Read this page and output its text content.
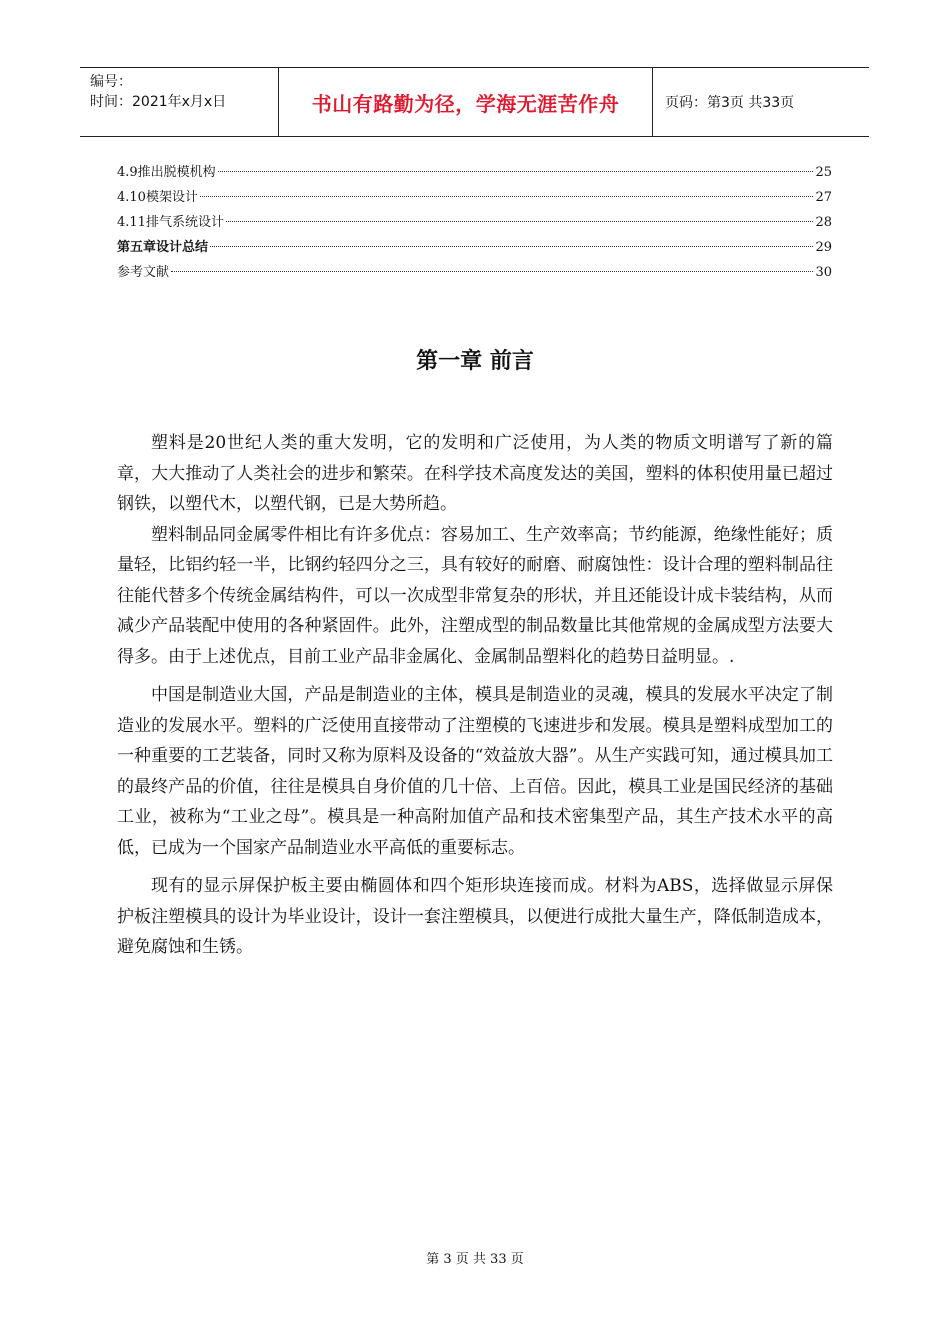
编号：
时间：2021年x月x日	书山有路勤为径，学海无涯苦作舟	页码：第3页 共33页
4.9推出脱模机构	25
4.10模架设计	27
4.11排气系统设计	28
第五章设计总结	29
参考文献	30
第一章 前言

塑料是20世纪人类的重大发明，它的发明和广泛使用，为人类的物质文明谱写了新的篇章，大大推动了人类社会的进步和繁荣。在科学技术高度发达的美国，塑料的体积使用量已超过钢铁，以塑代木，以塑代钢，已是大势所趋。

塑料制品同金属零件相比有许多优点：容易加工、生产效率高；节约能源，绝缘性能好；质量轻，比铝约轻一半，比钢约轻四分之三，具有较好的耐磨、耐腐蚀性：设计合理的塑料制品往往能代替多个传统金属结构件，可以一次成型非常复杂的形状，并且还能设计成卡装结构，从而减少产品装配中使用的各种紧固件。此外，注塑成型的制品数量比其他常规的金属成型方法要大得多。由于上述优点，目前工业产品非金属化、金属制品塑料化的趋势日益明显。.

中国是制造业大国，产品是制造业的主体，模具是制造业的灵魂，模具的发展水平决定了制造业的发展水平。塑料的广泛使用直接带动了注塑模的飞速进步和发展。模具是塑料成型加工的一种重要的工艺装备，同时又称为原料及设备的“效益放大器”。从生产实践可知，通过模具加工的最终产品的价值，往往是模具自身价值的几十倍、上百倍。因此，模具工业是国民经济的基础工业，被称为“工业之母”。模具是一种高附加值产品和技术密集型产品，其生产技术水平的高低，已成为一个国家产品制造业水平高低的重要标志。

现有的显示屏保护板主要由椭圆体和四个矩形块连接而成。材料为ABS，选择做显示屏保护板注塑模具的设计为毕业设计，设计一套注塑模具，以便进行成批大量生产，降低制造成本，避免腐蚀和生锈。

第 3 页 共 33 页
